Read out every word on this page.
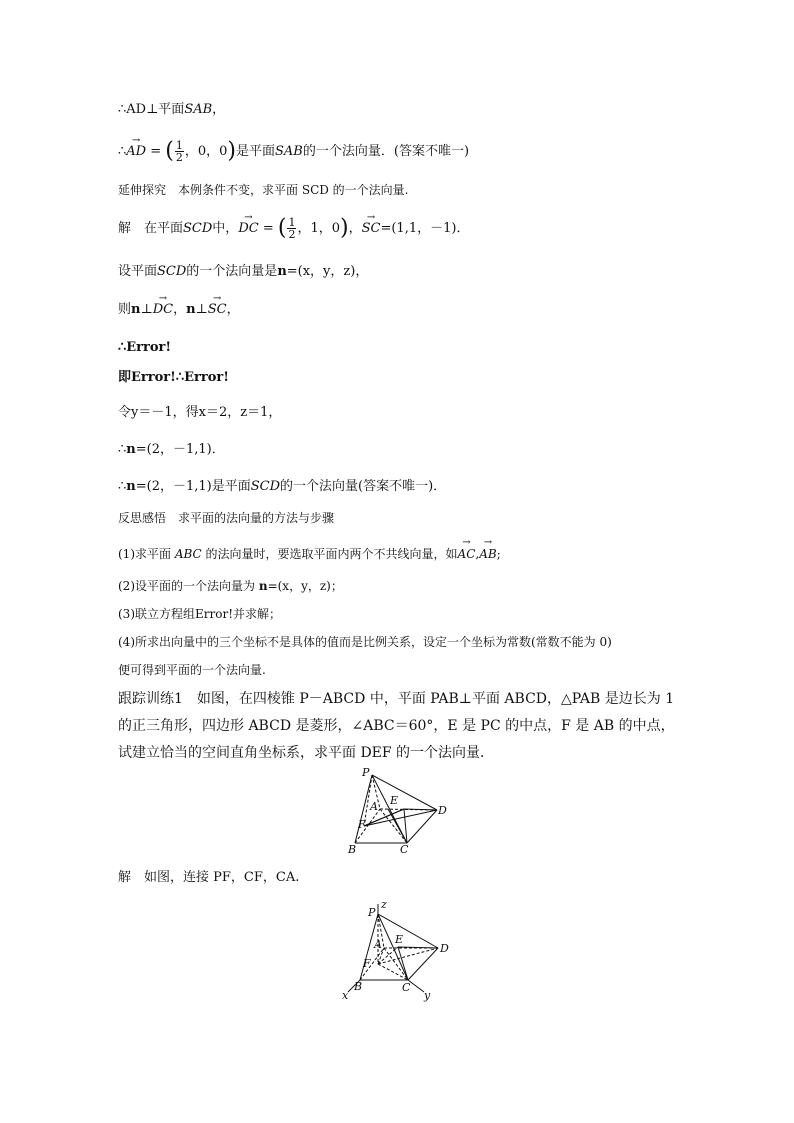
∴AD⊥平面SAB，
∴→ AD = ( $\frac{1}{2}$ ，0，0)是平面SAB的一个法向量．(答案不唯一)
延伸探究　 本例条件不变，求平面 SCD 的一个法向量.
解　在平面SCD中，→ DC = ( $\frac{1}{2}$ ，1，0)，→ SC=(1,1，－1)．
设平面SCD的一个法向量是n=(x，y，z)，
则n⊥→ DC，n⊥→ SC，
∴Error!
即Error!∴Error!
令y＝－1，得x＝2，z＝1，
∴n=(2，－1,1)．
∴n=(2，－1,1)是平面SCD的一个法向量(答案不唯一)．
反思感悟　 求平面的法向量的方法与步骤
(1)求平面 ABC 的法向量时，要选取平面内两个不共线向量，如→ AC,→ AB;
(2)设平面的一个法向量为 n=(x，y，z)；
(3)联立方程组Error!并求解；
(4)所求出向量中的三个坐标不是具体的值而是比例关系，设定一个坐标为常数(常数不能为 0)
便可得到平面的一个法向量.
跟踪训练1　如图，在四棱锥 P－ABCD 中，平面 PAB⊥平面 ABCD，△PAB 是边长为 1 的正三角形，四边形 ABCD 是菱形，∠ABC＝60°，E 是 PC 的中点，F 是 AB 的中点，试建立恰当的空间直角坐标系，求平面 DEF 的一个法向量．
P
A E
D
F
B	C
解　如图，连接 PF，CF，CA.
P
z
A E
D
F
B	C
x	y
